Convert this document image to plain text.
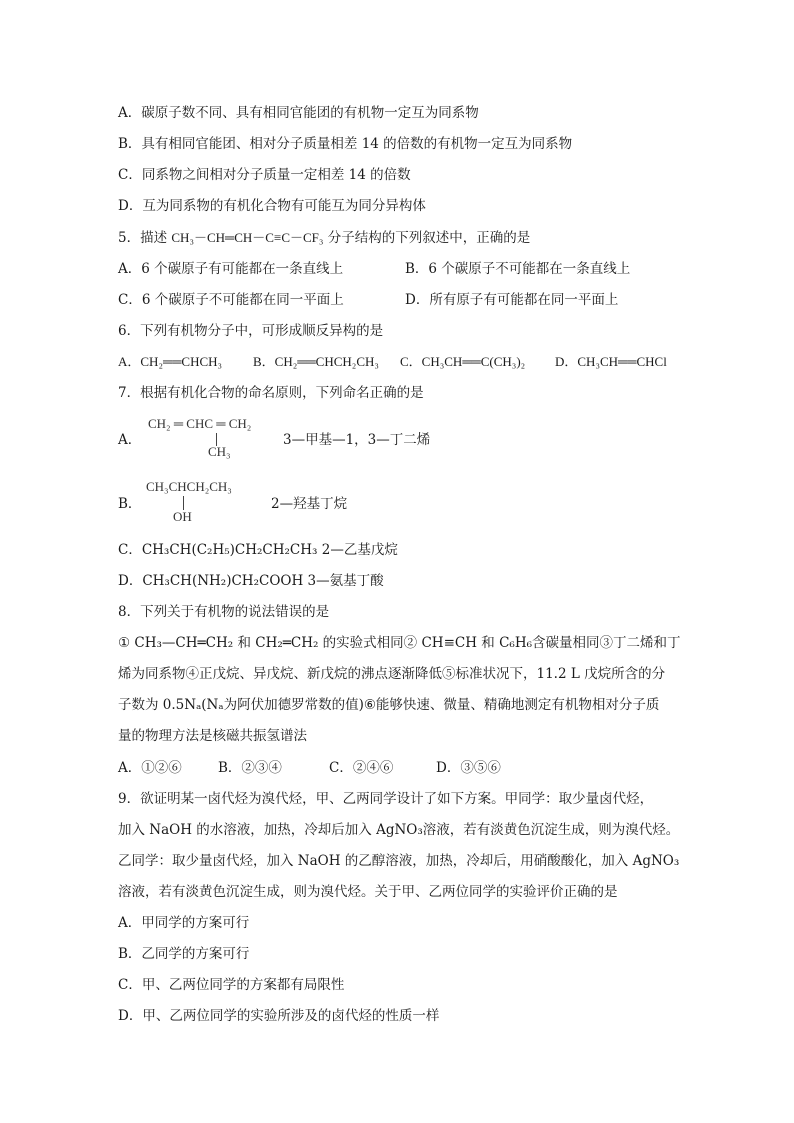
A．碳原子数不同、具有相同官能团的有机物一定互为同系物
B．具有相同官能团、相对分子质量相差 14 的倍数的有机物一定互为同系物
C．同系物之间相对分子质量一定相差 14 的倍数
D．互为同系物的有机化合物有可能互为同分异构体
5．描述 CH₃－CH═CH－C≡C－CF₃ 分子结构的下列叙述中，正确的是
A．6 个碳原子有可能都在一条直线上	B．6 个碳原子不可能都在一条直线上
C．6 个碳原子不可能都在同一平面上	D．所有原子有可能都在同一平面上
6．下列有机物分子中，可形成顺反异构的是
A．CH₂══CHCH₃ B．CH₂══CHCH₂CH₃ C．CH₃CH══C(CH₃)₂ D．CH₃CH══CHCl
7．根据有机化合物的命名原则，下列命名正确的是
A．
CH₂ ═ CHC ═ CH₂
CH₃
3—甲基—1，3—丁二烯
B．
CH₃CHCH₂CH₃
OH
2—羟基丁烷
C．CH₃CH(C₂H₅)CH₂CH₂CH₃ 2—乙基戊烷
D．CH₃CH(NH₂)CH₂COOH 3—氨基丁酸
8．下列关于有机物的说法错误的是
① CH₃—CH═CH₂ 和 CH₂═CH₂ 的实验式相同② CH≡CH 和 C₆H₆含碳量相同③丁二烯和丁
烯为同系物④正戊烷、异戊烷、新戊烷的沸点逐渐降低⑤标准状况下，11.2 L 戊烷所含的分
子数为 0.5Nₐ(Nₐ为阿伏加德罗常数的值)⑥能够快速、微量、精确地测定有机物相对分子质
量的物理方法是核磁共振氢谱法
A．①②⑥	B．②③④	C．②④⑥	D．③⑤⑥
9．欲证明某一卤代烃为溴代烃，甲、乙两同学设计了如下方案。甲同学：取少量卤代烃，
加入 NaOH 的水溶液，加热，冷却后加入 AgNO₃溶液，若有淡黄色沉淀生成，则为溴代烃。
乙同学：取少量卤代烃，加入 NaOH 的乙醇溶液，加热，冷却后，用硝酸酸化，加入 AgNO₃
溶液，若有淡黄色沉淀生成，则为溴代烃。关于甲、乙两位同学的实验评价正确的是
A．甲同学的方案可行
B．乙同学的方案可行
C．甲、乙两位同学的方案都有局限性
D．甲、乙两位同学的实验所涉及的卤代烃的性质一样
